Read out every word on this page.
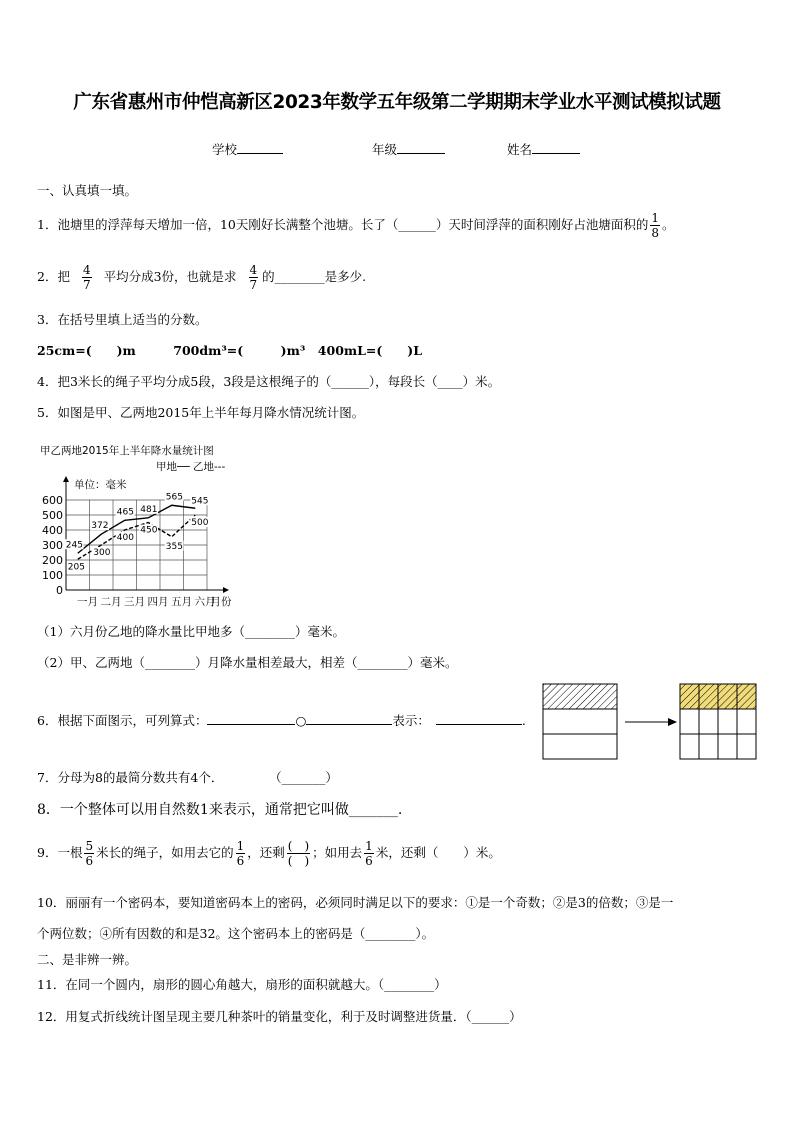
广东省惠州市仲恺高新区2023年数学五年级第二学期期末学业水平测试模拟试题
学校	年级	姓名
一、认真填一填。
1．池塘里的浮萍每天增加一倍，10天刚好长满整个池塘。长了（______）天时间浮萍的面积刚好占池塘面积的 $\frac{1}{8}$ 。
2．把 $\frac{4}{7}$ 平均分成3份，也就是求 $\frac{4}{7}$ 的________是多少.
3．在括号里填上适当的分数。
25cm=(　　)m　　　700dm³=(　　　)m³　400mL=(　　)L
4．把3米长的绳子平均分成5段，3段是这根绳子的（______），每段长（____）米。
5．如图是甲、乙两地2015年上半年每月降水情况统计图。
甲乙两地2015年上半年降水量统计图
甲地── 乙地---
单位：毫米
0
100
200
300
400
500
600
一月 二月 三月 四月 五月 六月
月份
245
372
465 481
565 545
205
300
400
450
355
500
（1）六月份乙地的降水量比甲地多（________）毫米。
（2）甲、乙两地（________）月降水量相差最大，相差（________）毫米。
6．根据下面图示，可列算式：	○	表示：	.
7．分母为8的最简分数共有4个．	（_______）
8．一个整体可以用自然数1来表示，通常把它叫做_______.
9．一根 $\frac{5}{6}$ 米长的绳子，如用去它的 $\frac{1}{6}$ ，还剩 $\frac{( )}{( )}$ ；如用去 $\frac{1}{6}$ 米，还剩（　　）米。
10．丽丽有一个密码本，要知道密码本上的密码，必须同时满足以下的要求：①是一个奇数；②是3的倍数；③是一
个两位数；④所有因数的和是32。这个密码本上的密码是（________）。
二、是非辨一辨。
11．在同一个圆内，扇形的圆心角越大，扇形的面积就越大。（________）
12．用复式折线统计图呈现主要几种茶叶的销量变化，利于及时调整进货量．（______）
